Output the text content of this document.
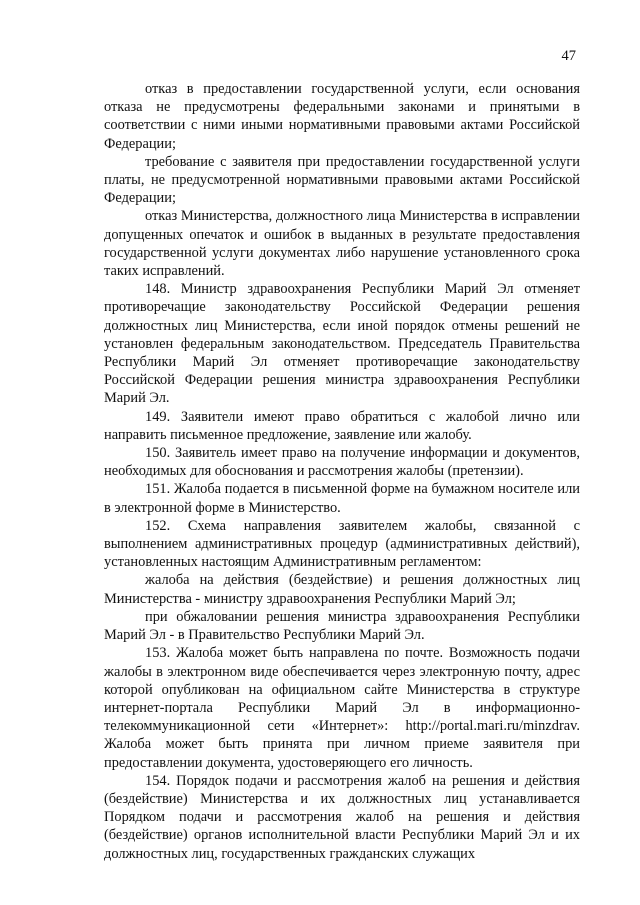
47

отказ в предоставлении государственной услуги, если основания отказа не предусмотрены федеральными законами и принятыми в соответствии с ними иными нормативными правовыми актами Российской Федерации;

требование с заявителя при предоставлении государственной услуги платы, не предусмотренной нормативными правовыми актами Российской Федерации;

отказ Министерства, должностного лица Министерства в исправлении допущенных опечаток и ошибок в выданных в результате предоставления государственной услуги документах либо нарушение установленного срока таких исправлений.

148. Министр здравоохранения Республики Марий Эл отменяет противоречащие законодательству Российской Федерации решения должностных лиц Министерства, если иной порядок отмены решений не установлен федеральным законодательством. Председатель Правительства Республики Марий Эл отменяет противоречащие законодательству Российской Федерации решения министра здравоохранения Республики Марий Эл.

149. Заявители имеют право обратиться с жалобой лично или направить письменное предложение, заявление или жалобу.

150. Заявитель имеет право на получение информации и документов, необходимых для обоснования и рассмотрения жалобы (претензии).

151. Жалоба подается в письменной форме на бумажном носителе или в электронной форме в Министерство.

152. Схема направления заявителем жалобы, связанной с выполнением административных процедур (административных действий), установленных настоящим Административным регламентом:

жалоба на действия (бездействие) и решения должностных лиц Министерства - министру здравоохранения Республики Марий Эл;

при обжаловании решения министра здравоохранения Республики Марий Эл - в Правительство Республики Марий Эл.

153. Жалоба может быть направлена по почте. Возможность подачи жалобы в электронном виде обеспечивается через электронную почту, адрес которой опубликован на официальном сайте Министерства в структуре интернет-портала Республики Марий Эл в информационно-телекоммуникационной сети «Интернет»: http://portal.mari.ru/minzdrav. Жалоба может быть принята при личном приеме заявителя при предоставлении документа, удостоверяющего его личность.

154. Порядок подачи и рассмотрения жалоб на решения и действия (бездействие) Министерства и их должностных лиц устанавливается Порядком подачи и рассмотрения жалоб на решения и действия (бездействие) органов исполнительной власти Республики Марий Эл и их должностных лиц, государственных гражданских служащих
